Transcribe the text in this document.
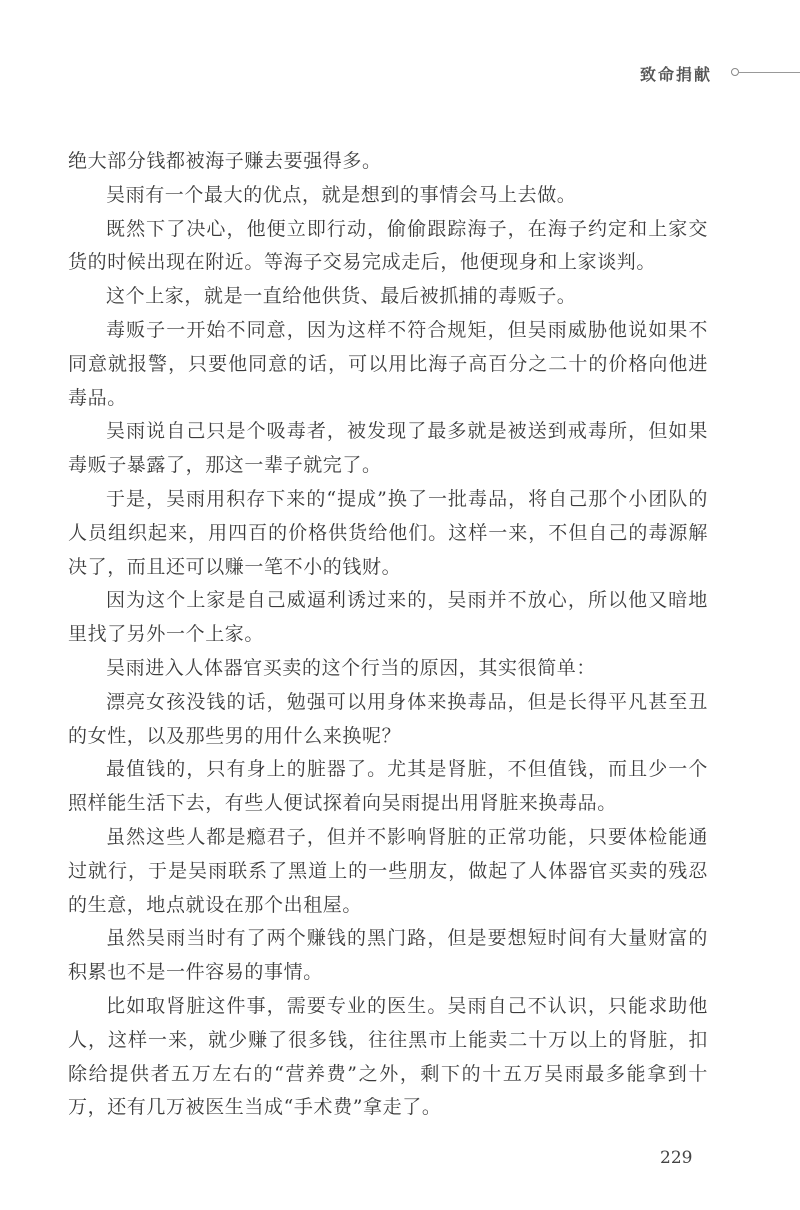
致命捐献

绝大部分钱都被海子赚去要强得多。

吴雨有一个最大的优点，就是想到的事情会马上去做。

既然下了决心，他便立即行动，偷偷跟踪海子，在海子约定和上家交货的时候出现在附近。等海子交易完成走后，他便现身和上家谈判。

这个上家，就是一直给他供货、最后被抓捕的毒贩子。

毒贩子一开始不同意，因为这样不符合规矩，但吴雨威胁他说如果不同意就报警，只要他同意的话，可以用比海子高百分之二十的价格向他进毒品。

吴雨说自己只是个吸毒者，被发现了最多就是被送到戒毒所，但如果毒贩子暴露了，那这一辈子就完了。

于是，吴雨用积存下来的“提成”换了一批毒品，将自己那个小团队的人员组织起来，用四百的价格供货给他们。这样一来，不但自己的毒源解决了，而且还可以赚一笔不小的钱财。

因为这个上家是自己威逼利诱过来的，吴雨并不放心，所以他又暗地里找了另外一个上家。

吴雨进入人体器官买卖的这个行当的原因，其实很简单：

漂亮女孩没钱的话，勉强可以用身体来换毒品，但是长得平凡甚至丑的女性，以及那些男的用什么来换呢？

最值钱的，只有身上的脏器了。尤其是肾脏，不但值钱，而且少一个照样能生活下去，有些人便试探着向吴雨提出用肾脏来换毒品。

虽然这些人都是瘾君子，但并不影响肾脏的正常功能，只要体检能通过就行，于是吴雨联系了黑道上的一些朋友，做起了人体器官买卖的残忍的生意，地点就设在那个出租屋。

虽然吴雨当时有了两个赚钱的黑门路，但是要想短时间有大量财富的积累也不是一件容易的事情。

比如取肾脏这件事，需要专业的医生。吴雨自己不认识，只能求助他人，这样一来，就少赚了很多钱，往往黑市上能卖二十万以上的肾脏，扣除给提供者五万左右的“营养费”之外，剩下的十五万吴雨最多能拿到十万，还有几万被医生当成“手术费”拿走了。

229
